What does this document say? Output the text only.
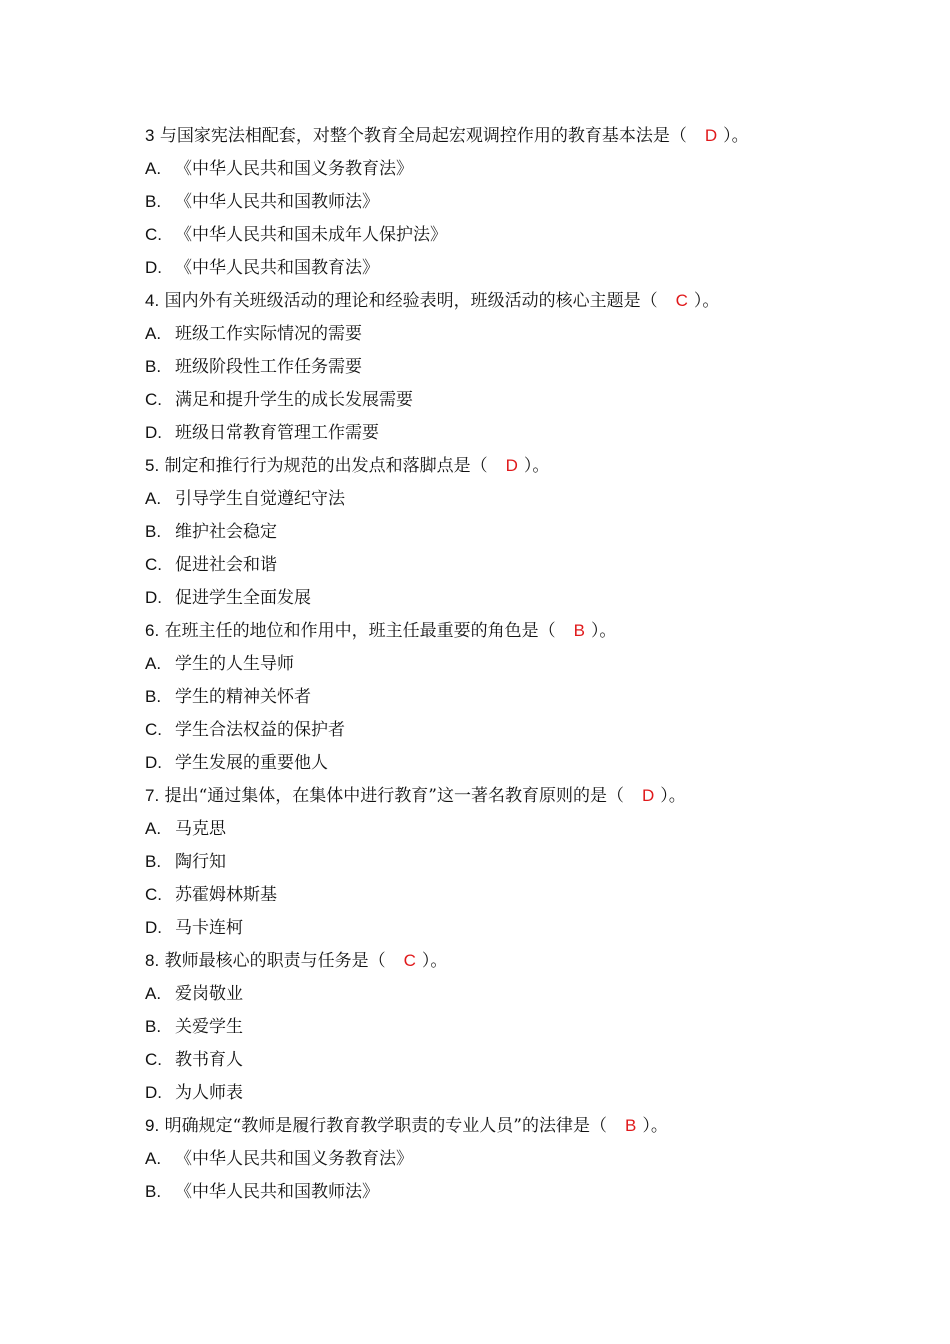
3 与国家宪法相配套，对整个教育全局起宏观调控作用的教育基本法是（ D ）。
A. 《中华人民共和国义务教育法》
B. 《中华人民共和国教师法》
C. 《中华人民共和国未成年人保护法》
D. 《中华人民共和国教育法》
4. 国内外有关班级活动的理论和经验表明，班级活动的核心主题是（ C ）。
A. 班级工作实际情况的需要
B. 班级阶段性工作任务需要
C. 满足和提升学生的成长发展需要
D. 班级日常教育管理工作需要
5. 制定和推行行为规范的出发点和落脚点是（ D ）。
A. 引导学生自觉遵纪守法
B. 维护社会稳定
C. 促进社会和谐
D. 促进学生全面发展
6. 在班主任的地位和作用中，班主任最重要的角色是（ B ）。
A. 学生的人生导师
B. 学生的精神关怀者
C. 学生合法权益的保护者
D. 学生发展的重要他人
7. 提出“通过集体，在集体中进行教育”这一著名教育原则的是（ D ）。
A. 马克思
B. 陶行知
C. 苏霍姆林斯基
D. 马卡连柯
8. 教师最核心的职责与任务是（ C ）。
A. 爱岗敬业
B. 关爱学生
C. 教书育人
D. 为人师表
9. 明确规定“教师是履行教育教学职责的专业人员”的法律是（ B ）。
A. 《中华人民共和国义务教育法》
B. 《中华人民共和国教师法》
